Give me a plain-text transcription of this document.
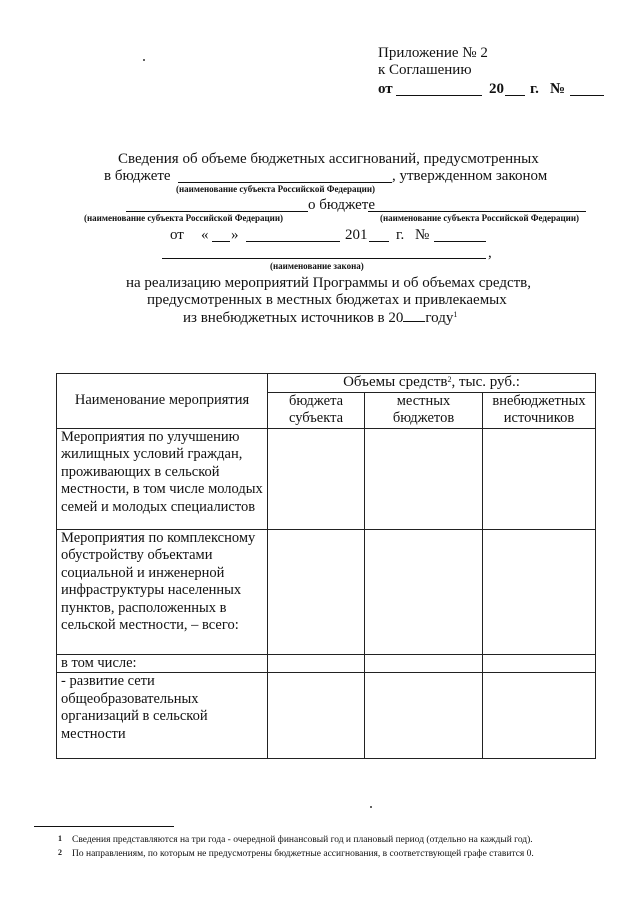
Приложение № 2
к Соглашению
от	20 г. №
Сведения об объеме бюджетных ассигнований, предусмотренных
в бюджете	, утвержденном законом
(наименование субъекта Российской Федерации)
о бюджете
(наименование субъекта Российской Федерации)	(наименование субъекта Российской Федерации)
от « »	201 г. №
,
(наименование закона)
на реализацию мероприятий Программы и об объемах средств,
предусмотренных в местных бюджетах и привлекаемых
из внебюджетных источников в 20 году$^1$
Наименование мероприятия	Объемы средств$^2$, тыс. руб.:		
	бюджета субъекта	местных бюджетов	внебюджетных источников
Мероприятия по улучшению жилищных условий граждан, проживающих в сельской местности, в том числе молодых семей и молодых специалистов			
Мероприятия по комплексному обустройству объектами социальной и инженерной инфраструктуры населенных пунктов, расположенных в сельской местности, – всего:			
в том числе:			
- развитие сети общеобразовательных организаций в сельской местности			
1 Сведения представляются на три года - очередной финансовый год и плановый период (отдельно на каждый год).
2 По направлениям, по которым не предусмотрены бюджетные ассигнования, в соответствующей графе ставится 0.
